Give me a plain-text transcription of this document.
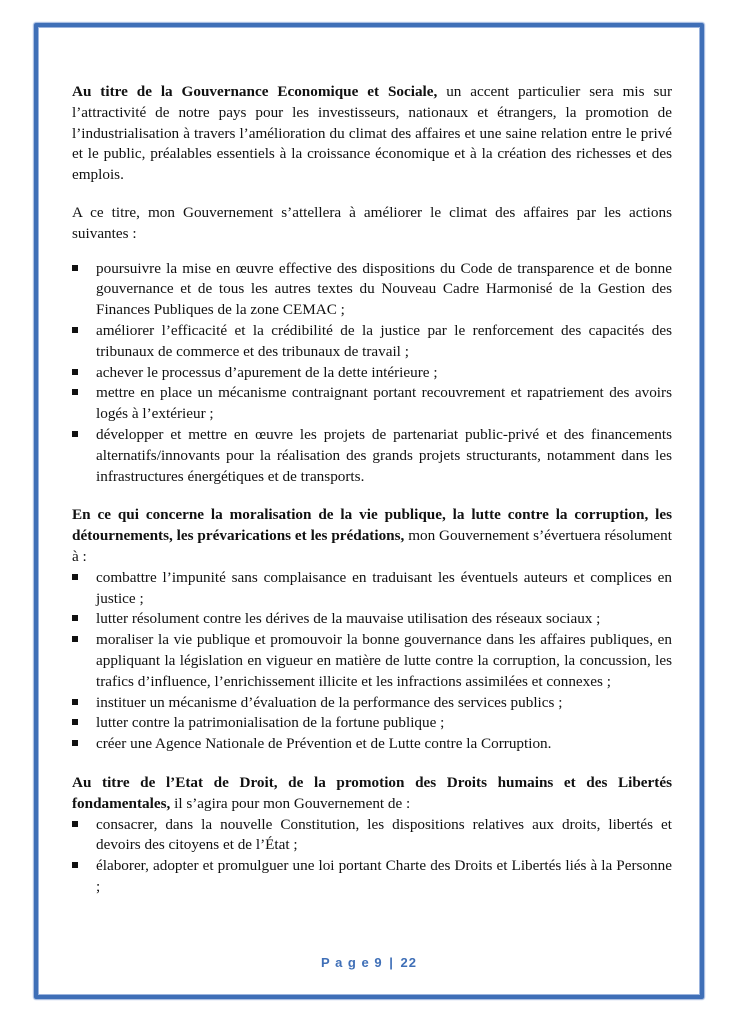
Au titre de la Gouvernance Economique et Sociale, un accent particulier sera mis sur l’attractivité de notre pays pour les investisseurs, nationaux et étrangers, la promotion de l’industrialisation à travers l’amélioration du climat des affaires et une saine relation entre le privé et le public, préalables essentiels à la croissance économique et à la création des richesses et des emplois.

A ce titre, mon Gouvernement s’attellera à améliorer le climat des affaires par les actions suivantes :

poursuivre la mise en œuvre effective des dispositions du Code de transparence et de bonne gouvernance et de tous les autres textes du Nouveau Cadre Harmonisé de la Gestion des Finances Publiques de la zone CEMAC ;
améliorer l’efficacité et la crédibilité de la justice par le renforcement des capacités des tribunaux de commerce et des tribunaux de travail ;
achever le processus d’apurement de la dette intérieure ;
mettre en place un mécanisme contraignant portant recouvrement et rapatriement des avoirs logés à l’extérieur ;
développer et mettre en œuvre les projets de partenariat public-privé et des financements alternatifs/innovants pour la réalisation des grands projets structurants, notamment dans les infrastructures énergétiques et de transports.

En ce qui concerne la moralisation de la vie publique, la lutte contre la corruption, les détournements, les prévarications et les prédations, mon Gouvernement s’évertuera résolument à :

combattre l’impunité sans complaisance en traduisant les éventuels auteurs et complices en justice ;
lutter résolument contre les dérives de la mauvaise utilisation des réseaux sociaux ;
moraliser la vie publique et promouvoir la bonne gouvernance dans les affaires publiques, en appliquant la législation en vigueur en matière de lutte contre la corruption, la concussion, les trafics d’influence, l’enrichissement illicite et les infractions assimilées et connexes ;
instituer un mécanisme d’évaluation de la performance des services publics ;
lutter contre la patrimonialisation de la fortune publique ;
créer une Agence Nationale de Prévention et de Lutte contre la Corruption.

Au titre de l’Etat de Droit, de la promotion des Droits humains et des Libertés fondamentales, il s’agira pour mon Gouvernement de :

consacrer, dans la nouvelle Constitution, les dispositions relatives aux droits, libertés et devoirs des citoyens et de l’État ;
élaborer, adopter et promulguer une loi portant Charte des Droits et Libertés liés à la Personne ;
P a g e 9 | 22
